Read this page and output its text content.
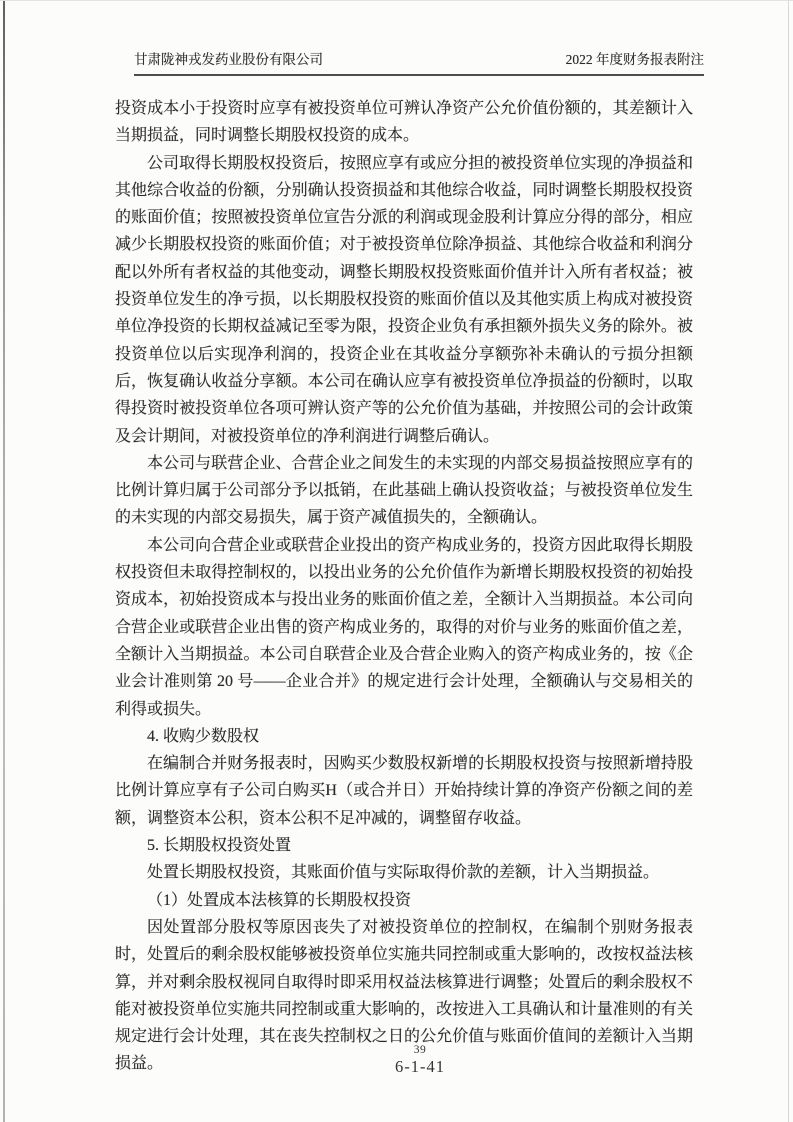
甘肃陇神戎发药业股份有限公司	2022 年度财务报表附注

投资成本小于投资时应享有被投资单位可辨认净资产公允价值份额的，其差额计入当期损益，同时调整长期股权投资的成本。

公司取得长期股权投资后，按照应享有或应分担的被投资单位实现的净损益和其他综合收益的份额，分别确认投资损益和其他综合收益，同时调整长期股权投资的账面价值；按照被投资单位宣告分派的利润或现金股利计算应分得的部分，相应减少长期股权投资的账面价值；对于被投资单位除净损益、其他综合收益和利润分配以外所有者权益的其他变动，调整长期股权投资账面价值并计入所有者权益；被投资单位发生的净亏损，以长期股权投资的账面价值以及其他实质上构成对被投资单位净投资的长期权益减记至零为限，投资企业负有承担额外损失义务的除外。被投资单位以后实现净利润的，投资企业在其收益分享额弥补未确认的亏损分担额后，恢复确认收益分享额。本公司在确认应享有被投资单位净损益的份额时，以取得投资时被投资单位各项可辨认资产等的公允价值为基础，并按照公司的会计政策及会计期间，对被投资单位的净利润进行调整后确认。

本公司与联营企业、合营企业之间发生的未实现的内部交易损益按照应享有的比例计算归属于公司部分予以抵销，在此基础上确认投资收益；与被投资单位发生的未实现的内部交易损失，属于资产减值损失的，全额确认。

本公司向合营企业或联营企业投出的资产构成业务的，投资方因此取得长期股权投资但未取得控制权的，以投出业务的公允价值作为新增长期股权投资的初始投资成本，初始投资成本与投出业务的账面价值之差，全额计入当期损益。本公司向合营企业或联营企业出售的资产构成业务的，取得的对价与业务的账面价值之差，全额计入当期损益。本公司自联营企业及合营企业购入的资产构成业务的，按《企业会计准则第 20 号——企业合并》的规定进行会计处理，全额确认与交易相关的利得或损失。

4. 收购少数股权

在编制合并财务报表时，因购买少数股权新增的长期股权投资与按照新增持股比例计算应享有子公司白购买H（或合并日）开始持续计算的净资产份额之间的差额，调整资本公积，资本公积不足冲减的，调整留存收益。

5. 长期股权投资处置

处置长期股权投资，其账面价值与实际取得价款的差额，计入当期损益。

（1）处置成本法核算的长期股权投资

因处置部分股权等原因丧失了对被投资单位的控制权，在编制个别财务报表时，处置后的剩余股权能够被投资单位实施共同控制或重大影响的，改按权益法核算，并对剩余股权视同自取得时即采用权益法核算进行调整；处置后的剩余股权不能对被投资单位实施共同控制或重大影响的，改按进入工具确认和计量准则的有关规定进行会计处理，其在丧失控制权之日的公允价值与账面价值间的差额计入当期损益。

39
6-1-41
